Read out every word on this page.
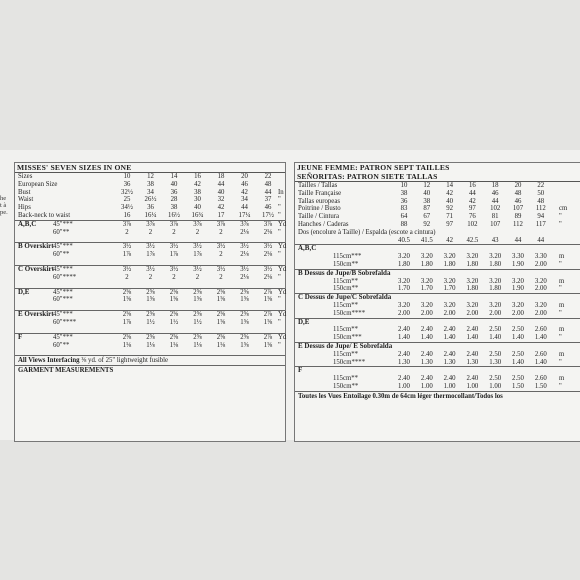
he
t à
pe.
MISSES' SEVEN SIZES IN ONE
Sizes	10	12	14	16	18	20	22
European Size	36	38	40	42	44	46	48
Bust	32½	34	36	38	40	42	44 In
Waist	25	26½	28	30	32	34	37 "
Hips	34½	36	38	40	42	44	46 "
Back-neck to waist	16	16¼	16½	16¾	17	17¼	17½ "
A,B,C 45"***	3⅞	3⅞	3⅞	3⅞	3⅞	3⅞	3⅞ Yd
60"**	2	2	2	2	2	2⅛	2⅛ "
B Overskirt 45"***	3½	3½	3½	3½	3½	3½	3½ Yd
60"**	1⅞	1⅞	1⅞	1⅞	2	2⅛	2⅛ "
C Overskirt 45"***	3½	3½	3½	3½	3½	3½	3½ Yd
60"****	2	2	2	2	2	2⅛	2⅛ "
D,E	45"***	2⅝	2⅝	2⅝	2⅝	2⅝	2⅝	2⅞ Yd
60"***	1⅝	1⅝	1⅝	1⅝	1⅝	1⅝	1⅝ "
E Overskirt 45"***	2⅝	2⅝	2⅝	2⅝	2⅝	2⅝	2⅞ Yd
60"****	1⅞	1½	1½	1½	1⅝	1⅝	1⅝ "
F	45"***	2⅝	2⅝	2⅝	2⅝	2⅝	2⅝	2⅞ Yd
60"**	1⅛	1⅛	1⅛	1⅛	1⅛	1⅝	1⅝ "
All Views Interfacing ⅜ yd. of 25" lightweight fusible
GARMENT MEASUREMENTS
JEUNE FEMME: PATRON SEPT TAILLES
SEÑORITAS: PATRON SIETE TALLAS
Tailles / Tallas	10	12	14	16	18	20	22
Taille Française	38	40	42	44	46	48	50
Tallas europeas	36	38	40	42	44	46	48
Poitrine / Busto	83	87	92	97	102	107	112	cm
Taille / Cintura	64	67	71	76	81	89	94	"
Hanches / Caderas	88	92	97	102	107	112	117	"
Dos (encolure à Taille) / Espalda (escote a cintura)
40.5	41.5	42	42.5	43	44	44
A,B,C
115cm***	3.20	3.20	3.20	3.20	3.20	3.30	3.30	m
150cm**	1.80	1.80	1.80	1.80	1.80	1.90	2.00	"
B Dessus de Jupe/B Sobrefalda
115cm**	3.20	3.20	3.20	3.20	3.20	3.20	3.20	m
150cm**	1.70	1.70	1.70	1.80	1.80	1.90	2.00	"
C Dessus de Jupe/C Sobrefalda
115cm**	3.20	3.20	3.20	3.20	3.20	3.20	3.20	m
150cm****	2.00	2.00	2.00	2.00	2.00	2.00	2.00	"
D,E
115cm**	2.40	2.40	2.40	2.40	2.50	2.50	2.60	m
150cm***	1.40	1.40	1.40	1.40	1.40	1.40	1.40	"
E Dessus de Jupe/ E Sobrefalda
115cm**	2.40	2.40	2.40	2.40	2.50	2.50	2.60	m
150cm****	1.30	1.30	1.30	1.30	1.30	1.40	1.40	"
F
115cm**	2.40	2.40	2.40	2.40	2.50	2.50	2.60	m
150cm**	1.00	1.00	1.00	1.00	1.00	1.50	1.50	"
Toutes les Vues Entoilage 0.30m de 64cm léger thermocollant/Todos los
